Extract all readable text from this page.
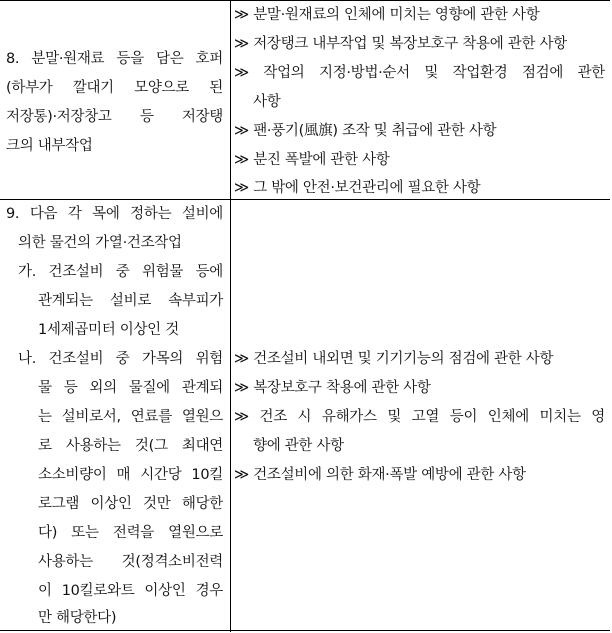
8. 분말·원재료 등을 담은 호퍼
(하부가 깔대기 모양으로 된
저장통)·저장창고 등 저장탱
크의 내부작업
≫ 분말·원재료의 인체에 미치는 영향에 관한 사항
≫ 저장탱크 내부작업 및 복장보호구 착용에 관한 사항
≫ 작업의 지정·방법·순서 및 작업환경 점검에 관한
사항
≫ 팬·풍기(風旗) 조작 및 취급에 관한 사항
≫ 분진 폭발에 관한 사항
≫ 그 밖에 안전·보건관리에 필요한 사항
9. 다음 각 목에 정하는 설비에
의한 물건의 가열·건조작업
가. 건조설비 중 위험물 등에
관계되는 설비로 속부피가
1세제곱미터 이상인 것
나. 건조설비 중 가목의 위험
물 등 외의 물질에 관계되
는 설비로서, 연료를 열원으
로 사용하는 것(그 최대연
소소비량이 매 시간당 10킬
로그램 이상인 것만 해당한
다) 또는 전력을 열원으로
사용하는 것(정격소비전력
이 10킬로와트 이상인 경우
만 해당한다)
≫ 건조설비 내외면 및 기기기능의 점검에 관한 사항
≫ 복장보호구 착용에 관한 사항
≫ 건조 시 유해가스 및 고열 등이 인체에 미치는 영
향에 관한 사항
≫ 건조설비에 의한 화재·폭발 예방에 관한 사항
